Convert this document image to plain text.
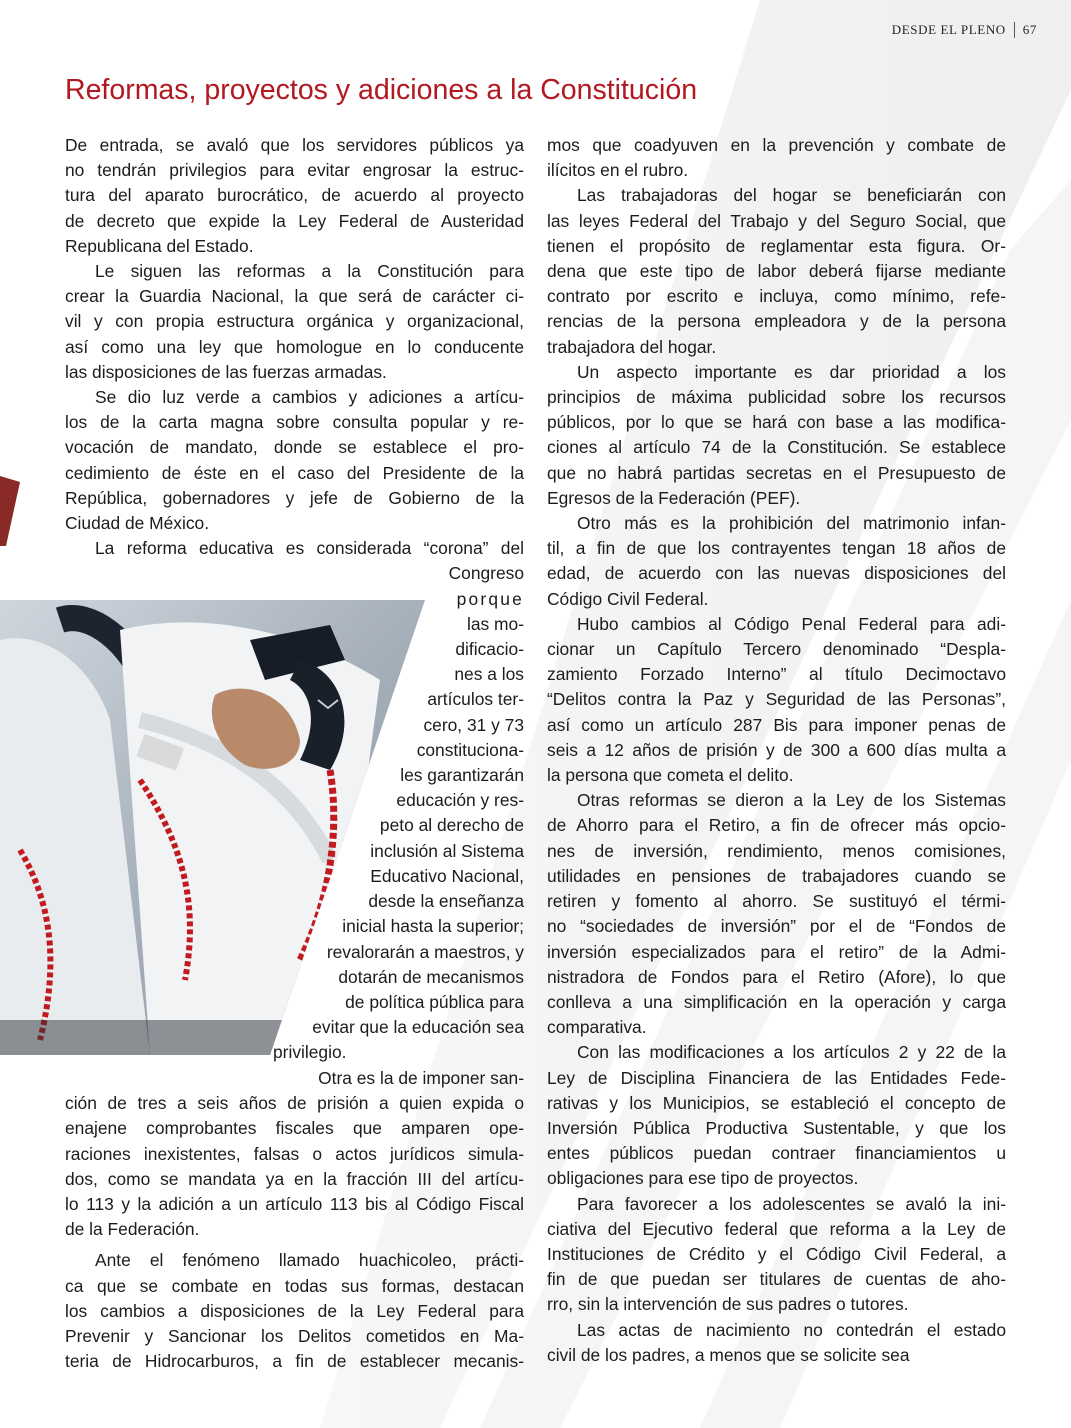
DESDE EL PLENO 67
Reformas, proyectos y adiciones a la Constitución

De entrada, se avaló que los servidores públicos ya
no tendrán privilegios para evitar engrosar la estruc-
tura del aparato burocrático, de acuerdo al proyecto
de decreto que expide la Ley Federal de Austeridad
Republicana del Estado.

Le siguen las reformas a la Constitución para
crear la Guardia Nacional, la que será de carácter ci-
vil y con propia estructura orgánica y organizacional,
así como una ley que homologue en lo conducente
las disposiciones de las fuerzas armadas.

Se dio luz verde a cambios y adiciones a artícu-
los de la carta magna sobre consulta popular y re-
vocación de mandato, donde se establece el pro-
cedimiento de éste en el caso del Presidente de la
República, gobernadores y jefe de Gobierno de la
Ciudad de México.

La reforma educativa es considerada “corona” del
Congreso
porque
las mo-
dificacio-
nes a los
artículos ter-
cero, 31 y 73
constituciona-
les garantizarán
educación y res-
peto al derecho de
inclusión al Sistema
Educativo Nacional,
desde la enseñanza
inicial hasta la superior;
revalorarán a maestros, y
dotarán de mecanismos
de política pública para
evitar que la educación sea
privilegio.

Otra es la de imponer san-
ción de tres a seis años de prisión a quien expida o
enajene comprobantes fiscales que amparen ope-
raciones inexistentes, falsas o actos jurídicos simula-
dos, como se mandata ya en la fracción III del artícu-
lo 113 y la adición a un artículo 113 bis al Código Fiscal
de la Federación.

Ante el fenómeno llamado huachicoleo, prácti-
ca que se combate en todas sus formas, destacan
los cambios a disposiciones de la Ley Federal para
Prevenir y Sancionar los Delitos cometidos en Ma-
teria de Hidrocarburos, a fin de establecer mecanis-

mos que coadyuven en la prevención y combate de
ilícitos en el rubro.

Las trabajadoras del hogar se beneficiarán con
las leyes Federal del Trabajo y del Seguro Social, que
tienen el propósito de reglamentar esta figura. Or-
dena que este tipo de labor deberá fijarse mediante
contrato por escrito e incluya, como mínimo, refe-
rencias de la persona empleadora y de la persona
trabajadora del hogar.

Un aspecto importante es dar prioridad a los
principios de máxima publicidad sobre los recursos
públicos, por lo que se hará con base a las modifica-
ciones al artículo 74 de la Constitución. Se establece
que no habrá partidas secretas en el Presupuesto de
Egresos de la Federación (PEF).

Otro más es la prohibición del matrimonio infan-
til, a fin de que los contrayentes tengan 18 años de
edad, de acuerdo con las nuevas disposiciones del
Código Civil Federal.

Hubo cambios al Código Penal Federal para adi-
cionar un Capítulo Tercero denominado “Despla-
zamiento Forzado Interno” al título Decimoctavo
“Delitos contra la Paz y Seguridad de las Personas”,
así como un artículo 287 Bis para imponer penas de
seis a 12 años de prisión y de 300 a 600 días multa a
la persona que cometa el delito.

Otras reformas se dieron a la Ley de los Sistemas
de Ahorro para el Retiro, a fin de ofrecer más opcio-
nes de inversión, rendimiento, menos comisiones,
utilidades en pensiones de trabajadores cuando se
retiren y fomento al ahorro. Se sustituyó el térmi-
no “sociedades de inversión” por el de “Fondos de
inversión especializados para el retiro” de la Admi-
nistradora de Fondos para el Retiro (Afore), lo que
conlleva a una simplificación en la operación y carga
comparativa.

Con las modificaciones a los artículos 2 y 22 de la
Ley de Disciplina Financiera de las Entidades Fede-
rativas y los Municipios, se estableció el concepto de
Inversión Pública Productiva Sustentable, y que los
entes públicos puedan contraer financiamientos u
obligaciones para ese tipo de proyectos.

Para favorecer a los adolescentes se avaló la ini-
ciativa del Ejecutivo federal que reforma a la Ley de
Instituciones de Crédito y el Código Civil Federal, a
fin de que puedan ser titulares de cuentas de aho-
rro, sin la intervención de sus padres o tutores.

Las actas de nacimiento no contedrán el estado
civil de los padres, a menos que se solicite sea
